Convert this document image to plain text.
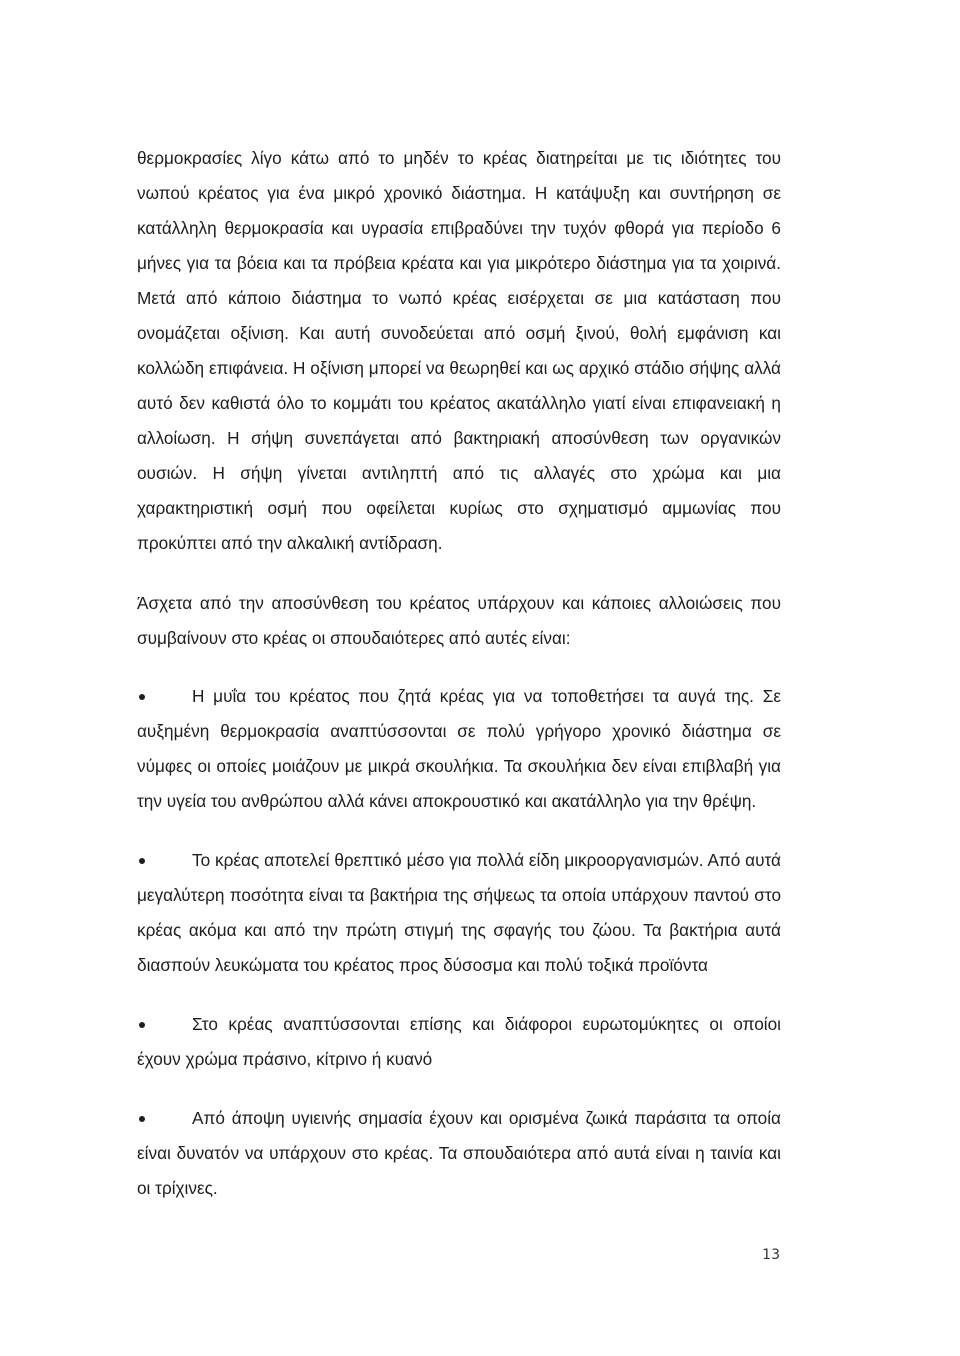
θερμοκρασίες λίγο κάτω από το μηδέν το κρέας διατηρείται με τις ιδιότητες του νωπού κρέατος για ένα μικρό χρονικό διάστημα. Η κατάψυξη και συντήρηση σε κατάλληλη θερμοκρασία και υγρασία επιβραδύνει την τυχόν φθορά για περίοδο 6 μήνες για τα βόεια και τα πρόβεια κρέατα και για μικρότερο διάστημα για τα χοιρινά. Μετά από κάποιο διάστημα το νωπό κρέας εισέρχεται σε μια κατάσταση που ονομάζεται οξίνιση. Και αυτή συνοδεύεται από οσμή ξινού, θολή εμφάνιση και κολλώδη επιφάνεια. Η οξίνιση μπορεί να θεωρηθεί και ως αρχικό στάδιο σήψης αλλά αυτό δεν καθιστά όλο το κομμάτι του κρέατος ακατάλληλο γιατί είναι επιφανειακή η αλλοίωση. Η σήψη συνεπάγεται από βακτηριακή αποσύνθεση των οργανικών ουσιών. Η σήψη γίνεται αντιληπτή από τις αλλαγές στο χρώμα και μια χαρακτηριστική οσμή που οφείλεται κυρίως στο σχηματισμό αμμωνίας που προκύπτει από την αλκαλική αντίδραση.

Άσχετα από την αποσύνθεση του κρέατος υπάρχουν και κάποιες αλλοιώσεις που συμβαίνουν στο κρέας οι σπουδαιότερες από αυτές είναι:

Η μυΐα του κρέατος που ζητά κρέας για να τοποθετήσει τα αυγά της. Σε αυξημένη θερμοκρασία αναπτύσσονται σε πολύ γρήγορο χρονικό διάστημα σε νύμφες οι οποίες μοιάζουν με μικρά σκουλήκια. Τα σκουλήκια δεν είναι επιβλαβή για την υγεία του ανθρώπου αλλά κάνει αποκρουστικό και ακατάλληλο για την θρέψη.
Το κρέας αποτελεί θρεπτικό μέσο για πολλά είδη μικροοργανισμών. Από αυτά μεγαλύτερη ποσότητα είναι τα βακτήρια της σήψεως τα οποία υπάρχουν παντού στο κρέας ακόμα και από την πρώτη στιγμή της σφαγής του ζώου. Τα βακτήρια αυτά διασπούν λευκώματα του κρέατος προς δύσοσμα και πολύ τοξικά προϊόντα
Στο κρέας αναπτύσσονται επίσης και διάφοροι ευρωτομύκητες οι οποίοι έχουν χρώμα πράσινο, κίτρινο ή κυανό
Από άποψη υγιεινής σημασία έχουν και ορισμένα ζωικά παράσιτα τα οποία είναι δυνατόν να υπάρχουν στο κρέας. Τα σπουδαιότερα από αυτά είναι η ταινία και οι τρίχινες.
13
